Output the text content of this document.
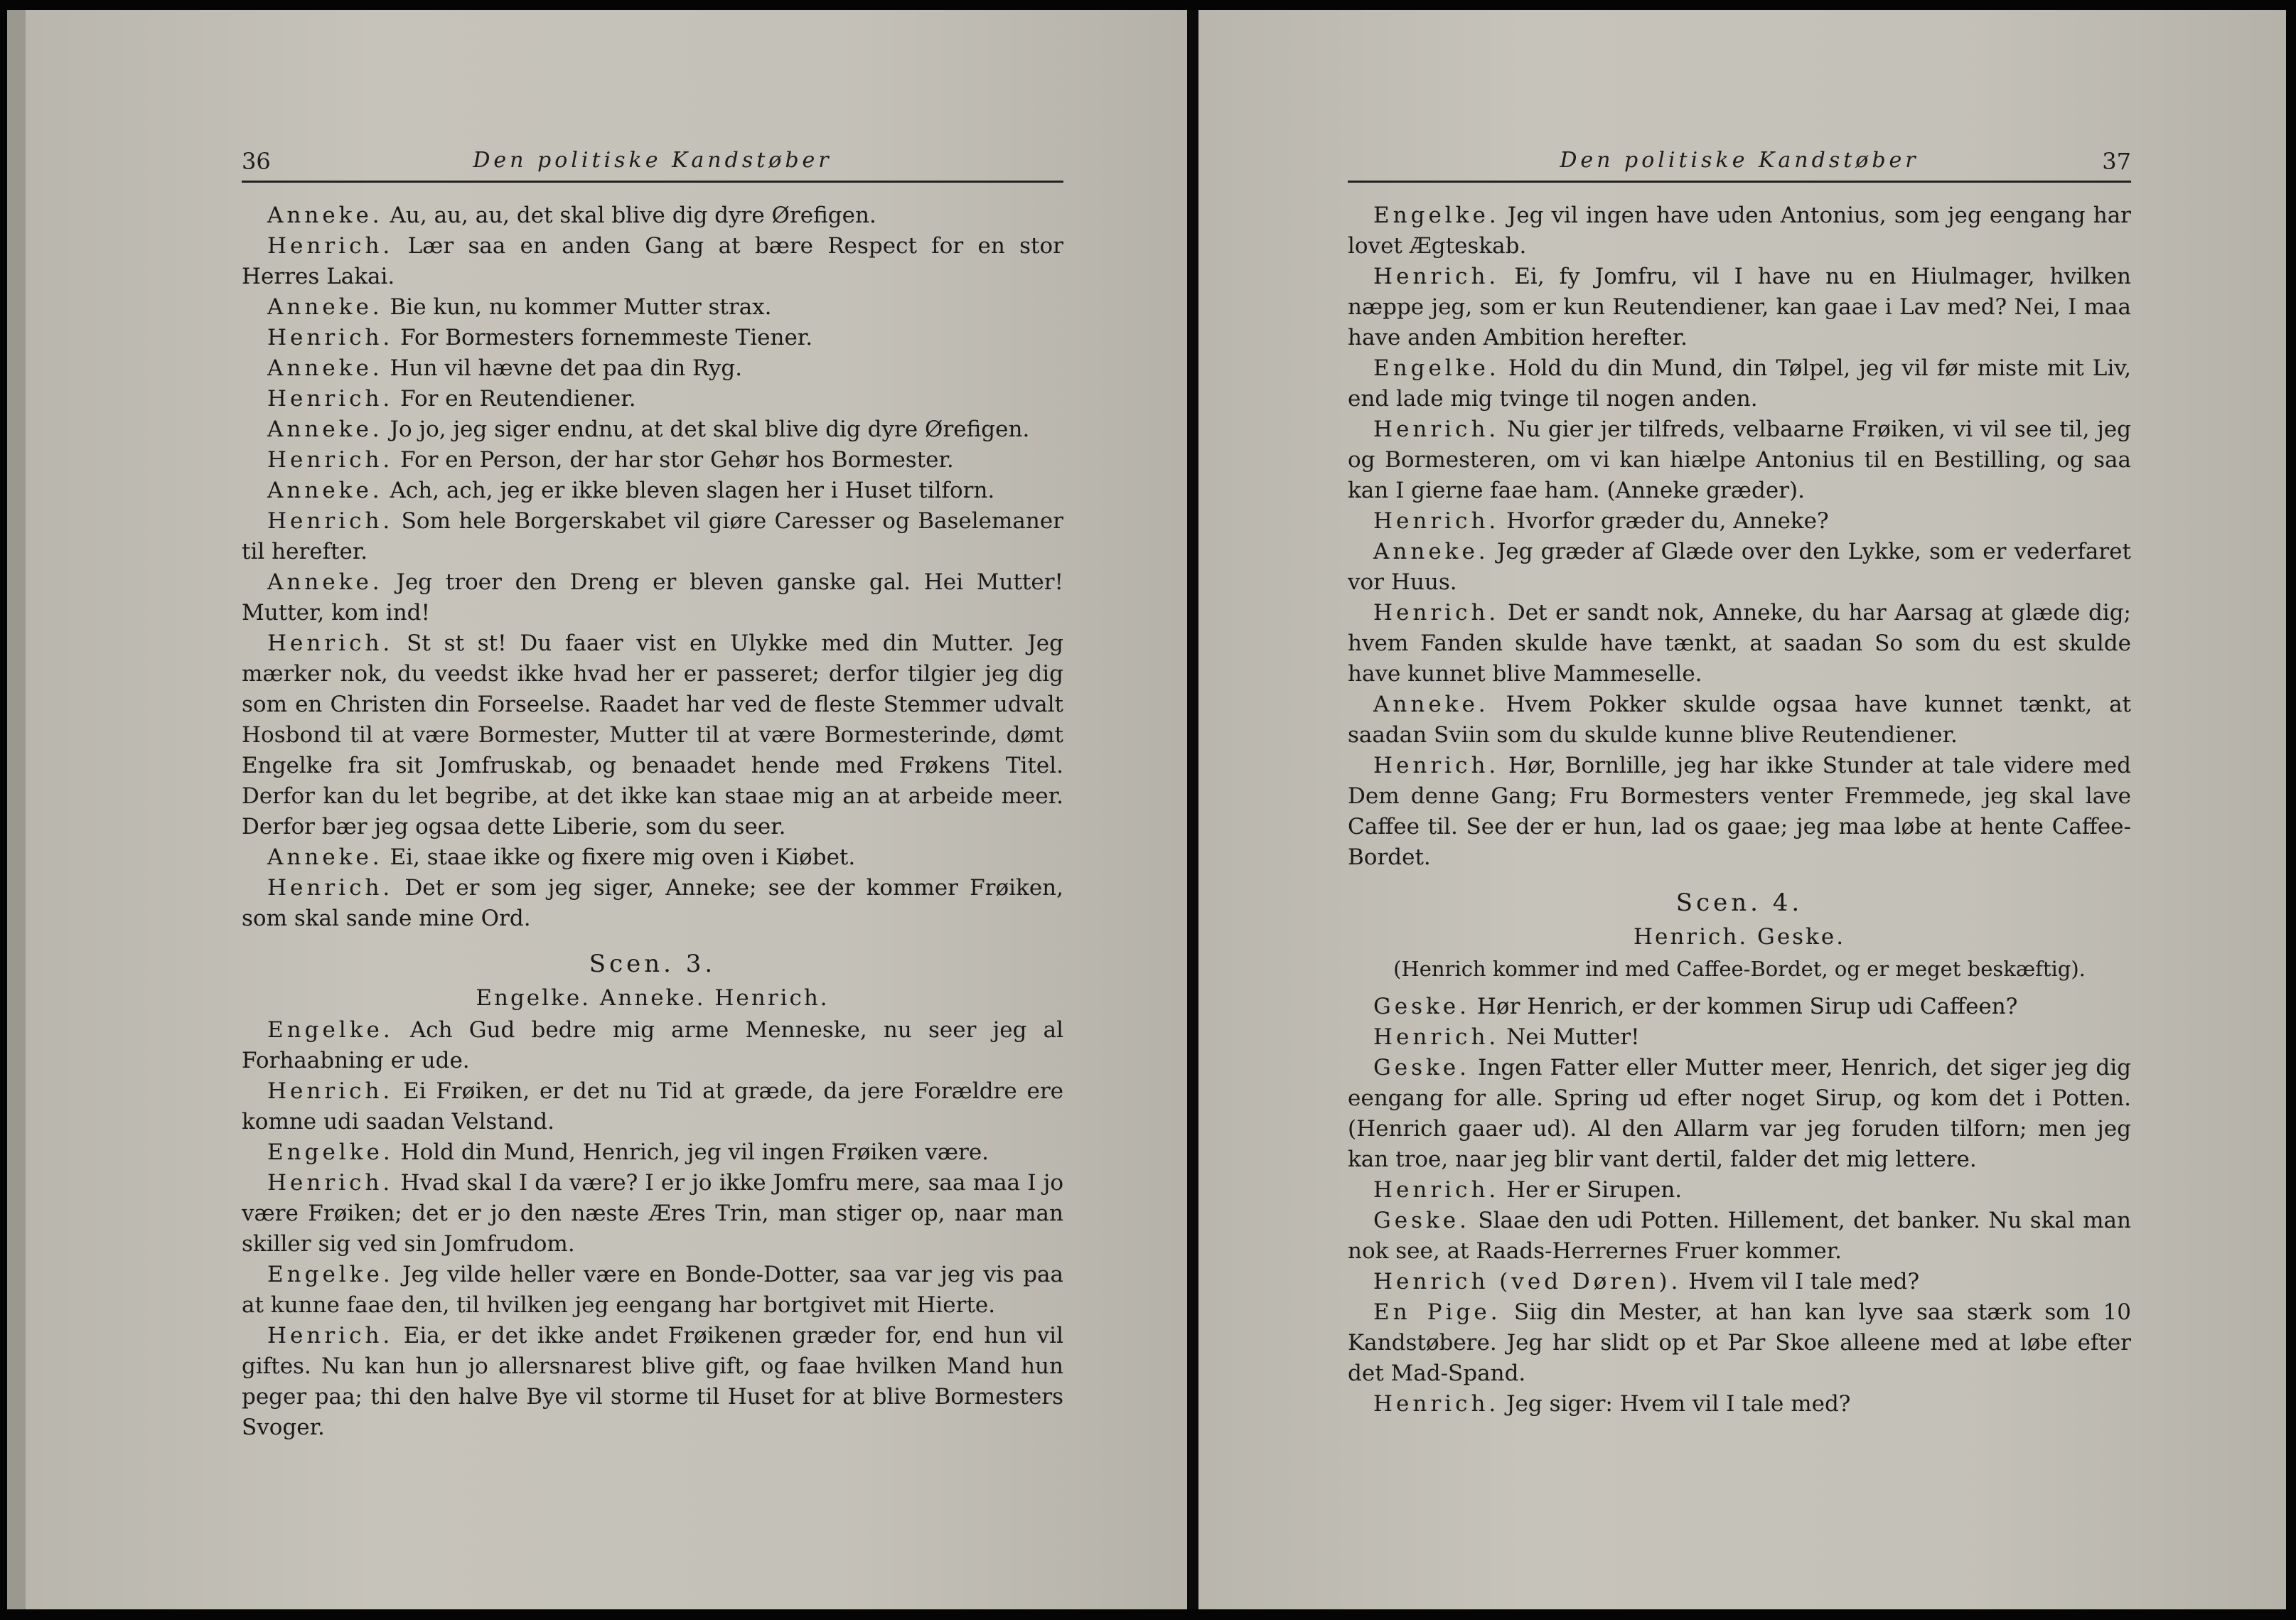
36	Den politiske Kandstøber

Anneke. Au, au, au, det skal blive dig dyre Ørefigen.

Henrich. Lær saa en anden Gang at bære Respect for en stor Herres Lakai.

Anneke. Bie kun, nu kommer Mutter strax.

Henrich. For Bormesters fornemmeste Tiener.

Anneke. Hun vil hævne det paa din Ryg.

Henrich. For en Reutendiener.

Anneke. Jo jo, jeg siger endnu, at det skal blive dig dyre Ørefigen.

Henrich. For en Person, der har stor Gehør hos Bormester.

Anneke. Ach, ach, jeg er ikke bleven slagen her i Huset tilforn.

Henrich. Som hele Borgerskabet vil giøre Caresser og Baselemaner til herefter.

Anneke. Jeg troer den Dreng er bleven ganske gal. Hei Mutter! Mutter, kom ind!

Henrich. St st st! Du faaer vist en Ulykke med din Mutter. Jeg mærker nok, du veedst ikke hvad her er passeret; derfor tilgier jeg dig som en Christen din Forseelse. Raadet har ved de fleste Stemmer udvalt Hosbond til at være Bormester, Mutter til at være Bormesterinde, dømt Engelke fra sit Jomfruskab, og benaadet hende med Frøkens Titel. Derfor kan du let begribe, at det ikke kan staae mig an at arbeide meer. Derfor bær jeg ogsaa dette Liberie, som du seer.

Anneke. Ei, staae ikke og fixere mig oven i Kiøbet.

Henrich. Det er som jeg siger, Anneke; see der kommer Frøiken, som skal sande mine Ord.

Scen. 3.

Engelke. Anneke. Henrich.

Engelke. Ach Gud bedre mig arme Menneske, nu seer jeg al Forhaabning er ude.

Henrich. Ei Frøiken, er det nu Tid at græde, da jere Forældre ere komne udi saadan Velstand.

Engelke. Hold din Mund, Henrich, jeg vil ingen Frøiken være.

Henrich. Hvad skal I da være? I er jo ikke Jomfru mere, saa maa I jo være Frøiken; det er jo den næste Æres Trin, man stiger op, naar man skiller sig ved sin Jomfrudom.

Engelke. Jeg vilde heller være en Bonde-Dotter, saa var jeg vis paa at kunne faae den, til hvilken jeg eengang har bortgivet mit Hierte.

Henrich. Eia, er det ikke andet Frøikenen græder for, end hun vil giftes. Nu kan hun jo allersnarest blive gift, og faae hvilken Mand hun peger paa; thi den halve Bye vil storme til Huset for at blive Bormesters Svoger.

Den politiske Kandstøber	37

Engelke. Jeg vil ingen have uden Antonius, som jeg eengang har lovet Ægteskab.

Henrich. Ei, fy Jomfru, vil I have nu en Hiulmager, hvilken næppe jeg, som er kun Reutendiener, kan gaae i Lav med? Nei, I maa have anden Ambition herefter.

Engelke. Hold du din Mund, din Tølpel, jeg vil før miste mit Liv, end lade mig tvinge til nogen anden.

Henrich. Nu gier jer tilfreds, velbaarne Frøiken, vi vil see til, jeg og Bormesteren, om vi kan hiælpe Antonius til en Bestilling, og saa kan I gierne faae ham. (Anneke græder).

Henrich. Hvorfor græder du, Anneke?

Anneke. Jeg græder af Glæde over den Lykke, som er vederfaret vor Huus.

Henrich. Det er sandt nok, Anneke, du har Aarsag at glæde dig; hvem Fanden skulde have tænkt, at saadan So som du est skulde have kunnet blive Mammeselle.

Anneke. Hvem Pokker skulde ogsaa have kunnet tænkt, at saadan Sviin som du skulde kunne blive Reutendiener.

Henrich. Hør, Bornlille, jeg har ikke Stunder at tale videre med Dem denne Gang; Fru Bormesters venter Fremmede, jeg skal lave Caffee til. See der er hun, lad os gaae; jeg maa løbe at hente Caffee-Bordet.

Scen. 4.

Henrich. Geske.

(Henrich kommer ind med Caffee-Bordet, og er meget beskæftig).

Geske. Hør Henrich, er der kommen Sirup udi Caffeen?

Henrich. Nei Mutter!

Geske. Ingen Fatter eller Mutter meer, Henrich, det siger jeg dig eengang for alle. Spring ud efter noget Sirup, og kom det i Potten. (Henrich gaaer ud). Al den Allarm var jeg foruden tilforn; men jeg kan troe, naar jeg blir vant dertil, falder det mig lettere.

Henrich. Her er Sirupen.

Geske. Slaae den udi Potten. Hillement, det banker. Nu skal man nok see, at Raads-Herrernes Fruer kommer.

Henrich (ved Døren). Hvem vil I tale med?

En Pige. Siig din Mester, at han kan lyve saa stærk som 10 Kandstøbere. Jeg har slidt op et Par Skoe alleene med at løbe efter det Mad-Spand.

Henrich. Jeg siger: Hvem vil I tale med?
